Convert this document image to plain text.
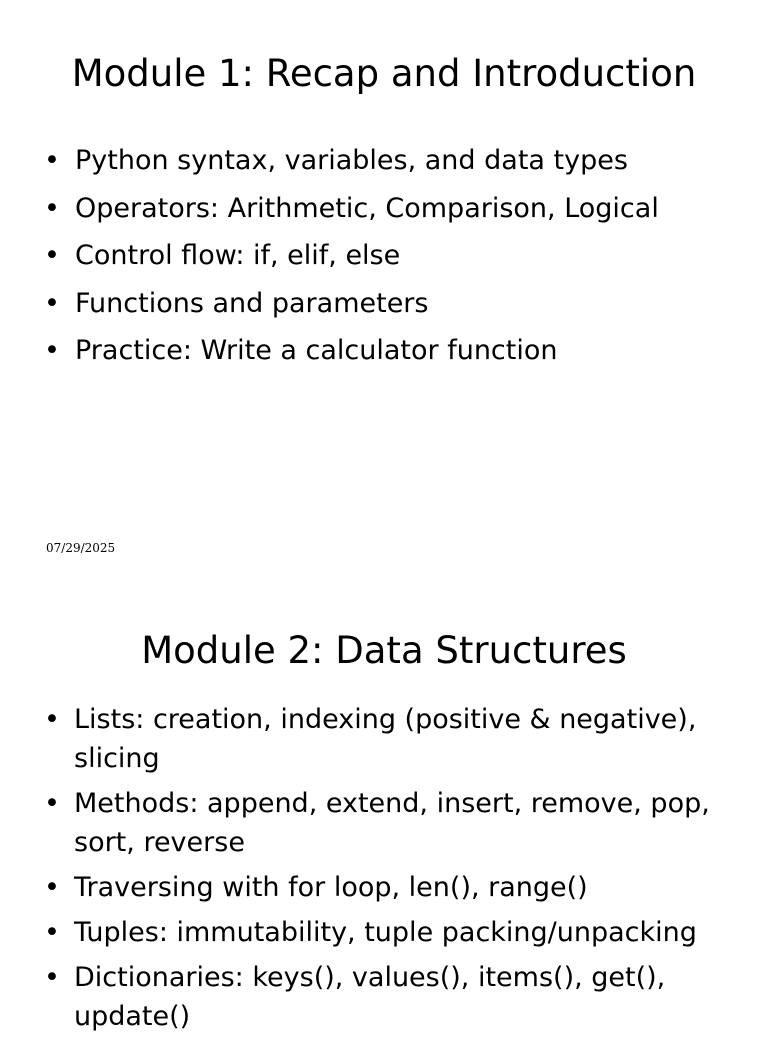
Module 1: Recap and Introduction
• Python syntax, variables, and data types
• Operators: Arithmetic, Comparison, Logical
• Control flow: if, elif, else
• Functions and parameters
• Practice: Write a calculator function
07/29/2025
Module 2: Data Structures
• Lists: creation, indexing (positive & negative), slicing
• Methods: append, extend, insert, remove, pop, sort, reverse
• Traversing with for loop, len(), range()
• Tuples: immutability, tuple packing/unpacking
• Dictionaries: keys(), values(), items(), get(), update()
